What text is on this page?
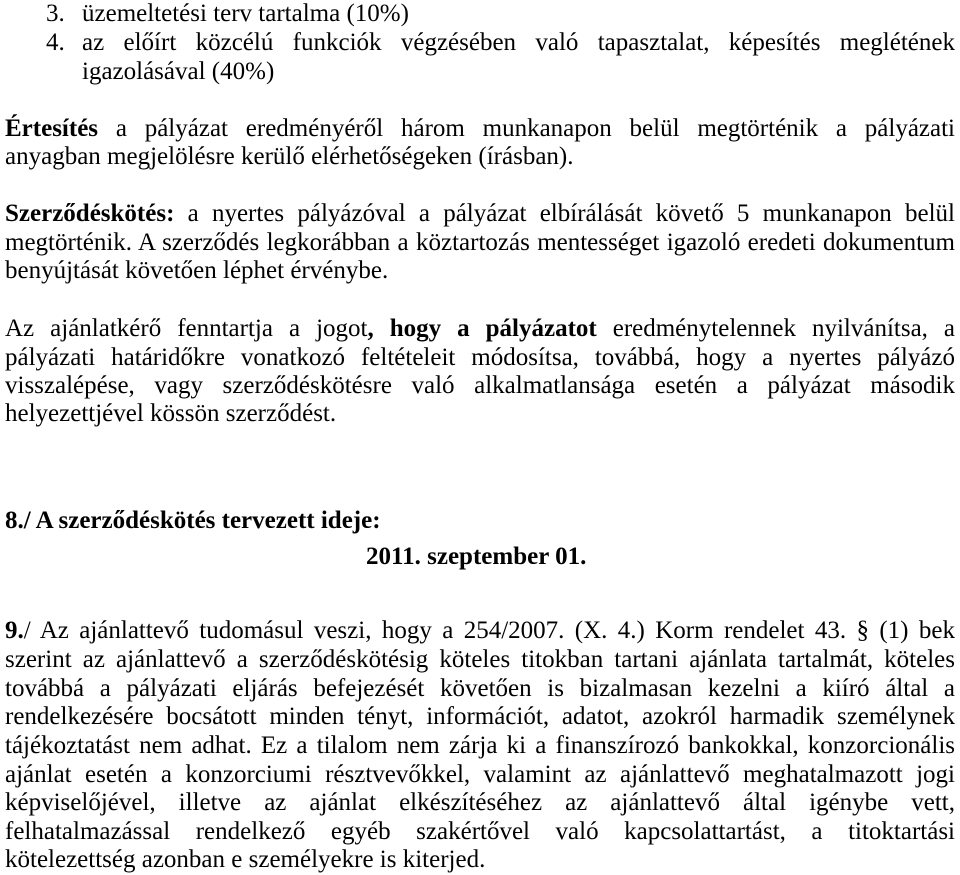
3. üzemeltetési terv tartalma (10%)
4. az előírt közcélú funkciók végzésében való tapasztalat, képesítés meglétének
igazolásával (40%)
Értesítés a pályázat eredményéről három munkanapon belül megtörténik a pályázati
anyagban megjelölésre kerülő elérhetőségeken (írásban).
Szerződéskötés: a nyertes pályázóval a pályázat elbírálását követő 5 munkanapon belül
megtörténik. A szerződés legkorábban a köztartozás mentességet igazoló eredeti dokumentum
benyújtását követően léphet érvénybe.
Az ajánlatkérő fenntartja a jogot, hogy a pályázatot eredménytelennek nyilvánítsa, a
pályázati határidőkre vonatkozó feltételeit módosítsa, továbbá, hogy a nyertes pályázó
visszalépése, vagy szerződéskötésre való alkalmatlansága esetén a pályázat második
helyezettjével kössön szerződést.
8./ A szerződéskötés tervezett ideje:
2011. szeptember 01.
9./ Az ajánlattevő tudomásul veszi, hogy a 254/2007. (X. 4.) Korm rendelet 43. § (1) bek
szerint az ajánlattevő a szerződéskötésig köteles titokban tartani ajánlata tartalmát, köteles
továbbá a pályázati eljárás befejezését követően is bizalmasan kezelni a kiíró által a
rendelkezésére bocsátott minden tényt, információt, adatot, azokról harmadik személynek
tájékoztatást nem adhat. Ez a tilalom nem zárja ki a finanszírozó bankokkal, konzorcionális
ajánlat esetén a konzorciumi résztvevőkkel, valamint az ajánlattevő meghatalmazott jogi
képviselőjével, illetve az ajánlat elkészítéséhez az ajánlattevő által igénybe vett,
felhatalmazással rendelkező egyéb szakértővel való kapcsolattartást, a titoktartási
kötelezettség azonban e személyekre is kiterjed.
